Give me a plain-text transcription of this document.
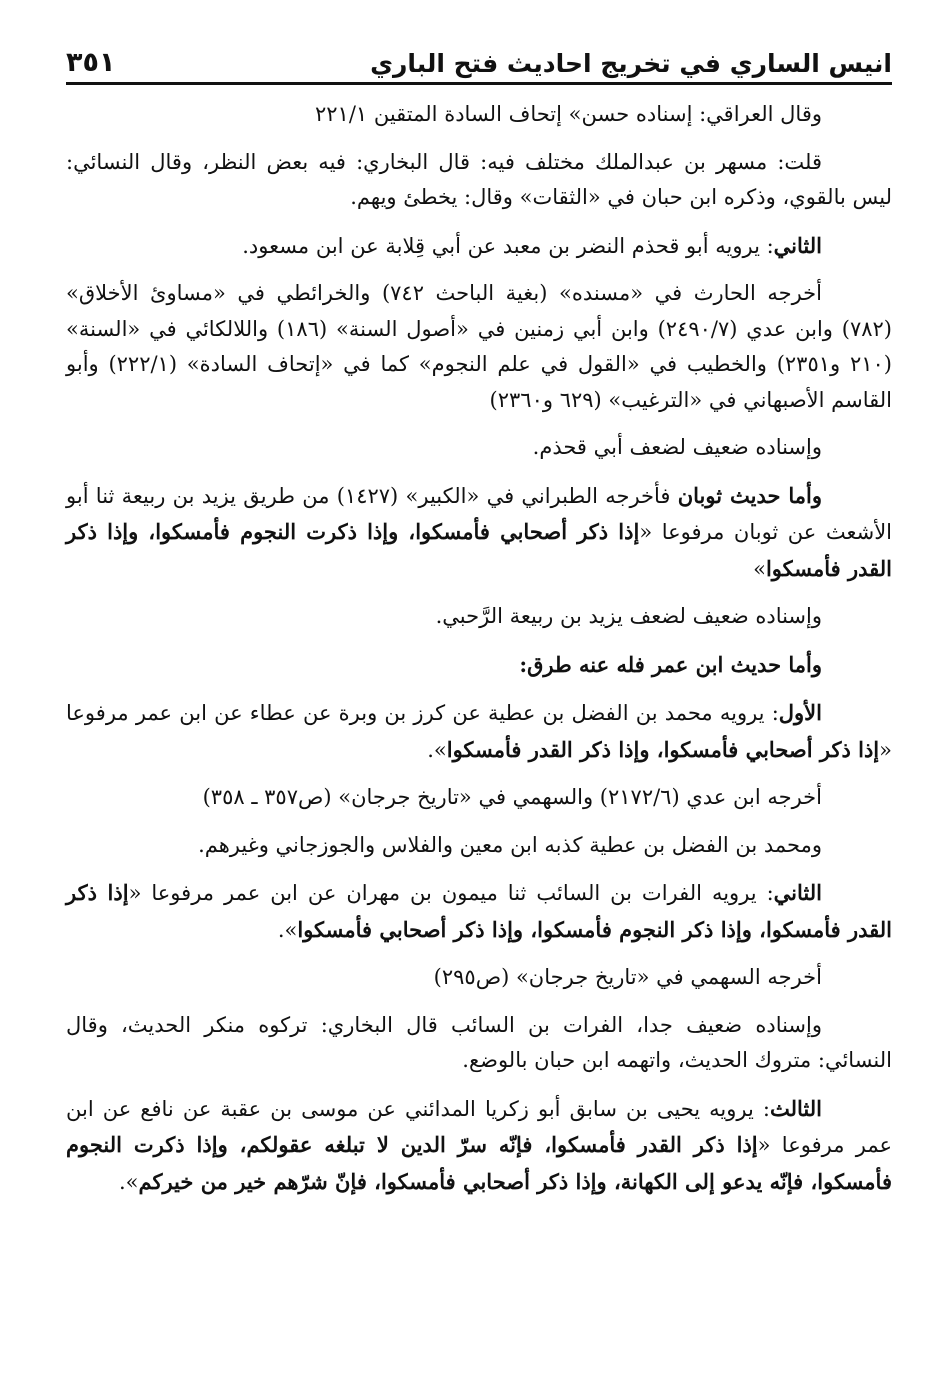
انيس الساري في تخريج احاديث فتح الباري
٣٥١

وقال العراقي: إسناده حسن» إتحاف السادة المتقين ٢٢١/١

قلت: مسهر بن عبدالملك مختلف فيه: قال البخاري: فيه بعض النظر، وقال النسائي: ليس بالقوي، وذكره ابن حبان في «الثقات» وقال: يخطئ ويهم.

الثاني: يرويه أبو قحذم النضر بن معبد عن أبي قِلابة عن ابن مسعود.

أخرجه الحارث في «مسنده» (بغية الباحث ٧٤٢) والخرائطي في «مساوئ الأخلاق» (٧٨٢) وابن عدي (٢٤٩٠/٧) وابن أبي زمنين في «أصول السنة» (١٨٦) واللالكائي في «السنة» (٢١٠ و٢٣٥١) والخطيب في «القول في علم النجوم» كما في «إتحاف السادة» (٢٢٢/١) وأبو القاسم الأصبهاني في «الترغيب» (٦٢٩ و٢٣٦٠)

وإسناده ضعيف لضعف أبي قحذم.

وأما حديث ثوبان فأخرجه الطبراني في «الكبير» (١٤٢٧) من طريق يزيد بن ربيعة ثنا أبو الأشعث عن ثوبان مرفوعا «إذا ذكر أصحابي فأمسكوا، وإذا ذكرت النجوم فأمسكوا، وإذا ذكر القدر فأمسكوا»

وإسناده ضعيف لضعف يزيد بن ربيعة الرَّحبي.

وأما حديث ابن عمر فله عنه طرق:

الأول: يرويه محمد بن الفضل بن عطية عن كرز بن وبرة عن عطاء عن ابن عمر مرفوعا «إذا ذكر أصحابي فأمسكوا، وإذا ذكر القدر فأمسكوا».

أخرجه ابن عدي (٢١٧٢/٦) والسهمي في «تاريخ جرجان» (ص٣٥٧ ـ ٣٥٨)

ومحمد بن الفضل بن عطية كذبه ابن معين والفلاس والجوزجاني وغيرهم.

الثاني: يرويه الفرات بن السائب ثنا ميمون بن مهران عن ابن عمر مرفوعا «إذا ذكر القدر فأمسكوا، وإذا ذكر النجوم فأمسكوا، وإذا ذكر أصحابي فأمسكوا».

أخرجه السهمي في «تاريخ جرجان» (ص٢٩٥)

وإسناده ضعيف جدا، الفرات بن السائب قال البخاري: تركوه منكر الحديث، وقال النسائي: متروك الحديث، واتهمه ابن حبان بالوضع.

الثالث: يرويه يحيى بن سابق أبو زكريا المدائني عن موسى بن عقبة عن نافع عن ابن عمر مرفوعا «إذا ذكر القدر فأمسكوا، فإنّه سرّ الدين لا تبلغه عقولكم، وإذا ذكرت النجوم فأمسكوا، فإنّه يدعو إلى الكهانة، وإذا ذكر أصحابي فأمسكوا، فإنّ شرّهم خير من خيركم».
